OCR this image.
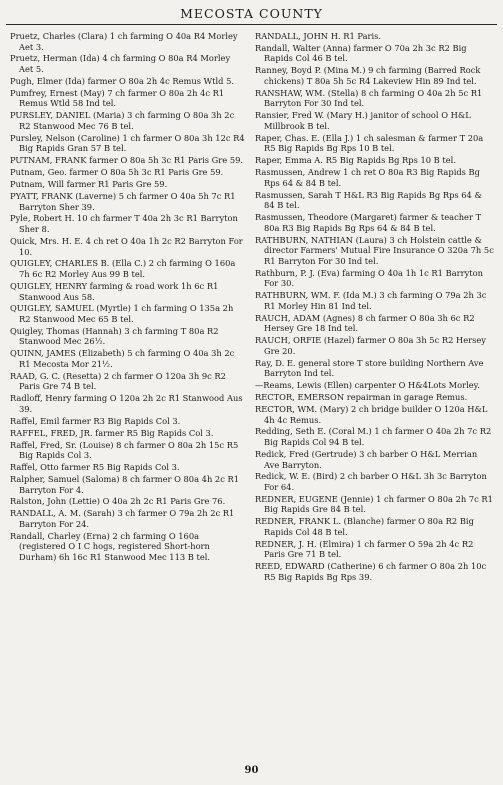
MECOSTA COUNTY

Pruetz, Charles (Clara) 1 ch farming O 40a R4 Morley Aet 3.

Pruetz, Herman (Ida) 4 ch farming O 80a R4 Morley Aet 5.

Pugh, Elmer (Ida) farmer O 80a 2h 4c Remus Wtld 5.

Pumfrey, Ernest (May) 7 ch farmer O 80a 2h 4c R1 Remus Wtld 58 Ind tel.

PURSLEY, DANIEL (Maria) 3 ch farming O 80a 3h 2c R2 Stanwood Mec 76 B tel.

Pursley, Nelson (Caroline) 1 ch farmer O 80a 3h 12c R4 Big Rapids Gran 57 B tel.

PUTNAM, FRANK farmer O 80a 5h 3c R1 Paris Gre 59.

Putnam, Geo. farmer O 80a 5h 3c R1 Paris Gre 59.

Putnam, Will farmer R1 Paris Gre 59.

PYATT, FRANK (Laverne) 5 ch farmer O 40a 5h 7c R1 Barryton Sher 39.

Pyle, Robert H. 10 ch farmer T 40a 2h 3c R1 Barryton Sher 8.

Quick, Mrs. H. E. 4 ch ret O 40a 1h 2c R2 Barryton For 10.

QUIGLEY, CHARLES B. (Ella C.) 2 ch farming O 160a 7h 6c R2 Morley Aus 99 B tel.

QUIGLEY, HENRY farming & road work 1h 6c R1 Stanwood Aus 58.

QUIGLEY, SAMUEL (Myrtle) 1 ch farming O 135a 2h R2 Stanwood Mec 65 B tel.

Quigley, Thomas (Hannah) 3 ch farming T 80a R2 Stanwood Mec 26½.

QUINN, JAMES (Elizabeth) 5 ch farming O 40a 3h 2c R1 Mecosta Mor 21½.

RAAD, G. C. (Resetta) 2 ch farmer O 120a 3h 9c R2 Paris Gre 74 B tel.

Radloff, Henry farming O 120a 2h 2c R1 Stanwood Aus 39.

Raffel, Emil farmer R3 Big Rapids Col 3.

RAFFEL, FRED, JR. farmer R5 Big Rapids Col 3.

Raffel, Fred, Sr. (Louise) 8 ch farmer O 80a 2h 15c R5 Big Rapids Col 3.

Raffel, Otto farmer R5 Big Rapids Col 3.

Ralpher, Samuel (Saloma) 8 ch farmer O 80a 4h 2c R1 Barryton For 4.

Ralston, John (Lettie) O 40a 2h 2c R1 Paris Gre 76.

RANDALL, A. M. (Sarah) 3 ch farmer O 79a 2h 2c R1 Barryton For 24.

Randall, Charley (Erna) 2 ch farming O 160a (registered O I C hogs, registered Short-horn Durham) 6h 16c R1 Stanwood Mec 113 B tel.

RANDALL, JOHN H. R1 Paris.

Randall, Walter (Anna) farmer O 70a 2h 3c R2 Big Rapids Col 46 B tel.

Ranney, Boyd P. (Mina M.) 9 ch farming (Barred Rock chickens) T 80a 5h 5c R4 Lakeview Hin 89 Ind tel.

RANSHAW, WM. (Stella) 8 ch farming O 40a 2h 5c R1 Barryton For 30 Ind tel.

Ransier, Fred W. (Mary H.) janitor of school O H&L Millbrook B tel.

Raper, Chas. E. (Ella J.) 1 ch salesman & farmer T 20a R5 Big Rapids Bg Rps 10 B tel.

Raper, Emma A. R5 Big Rapids Bg Rps 10 B tel.

Rasmussen, Andrew 1 ch ret O 80a R3 Big Rapids Bg Rps 64 & 84 B tel.

Rasmussen, Sarah T H&L R3 Big Rapids Bg Rps 64 & 84 B tel.

Rasmussen, Theodore (Margaret) farmer & teacher T 80a R3 Big Rapids Bg Rps 64 & 84 B tel.

RATHBURN, NATHIAN (Laura) 3 ch Holstein cattle & director Farmers' Mutual Fire Insurance O 320a 7h 5c R1 Barryton For 30 Ind tel.

Rathburn, P. J. (Eva) farming O 40a 1h 1c R1 Barryton For 30.

RATHBURN, WM. F. (Ida M.) 3 ch farming O 79a 2h 3c R1 Morley Hin 81 Ind tel.

RAUCH, ADAM (Agnes) 8 ch farmer O 80a 3h 6c R2 Hersey Gre 18 Ind tel.

RAUCH, ORFIE (Hazel) farmer O 80a 3h 5c R2 Hersey Gre 20.

Ray, D. E. general store T store building Northern Ave Barryton Ind tel.

—Reams, Lewis (Ellen) carpenter O H&4Lots Morley.

RECTOR, EMERSON repairman in garage Remus.

RECTOR, WM. (Mary) 2 ch bridge builder O 120a H&L 4h 4c Remus.

Redding, Seth E. (Coral M.) 1 ch farmer O 40a 2h 7c R2 Big Rapids Col 94 B tel.

Redick, Fred (Gertrude) 3 ch barber O H&L Merrian Ave Barryton.

Redick, W. E. (Bird) 2 ch barber O H&L 3h 3c Barryton For 64.

REDNER, EUGENE (Jennie) 1 ch farmer O 80a 2h 7c R1 Big Rapids Gre 84 B tel.

REDNER, FRANK L. (Blanche) farmer O 80a R2 Big Rapids Col 48 B tel.

REDNER, J. H. (Elmira) 1 ch farmer O 59a 2h 4c R2 Paris Gre 71 B tel.

REED, EDWARD (Catherine) 6 ch farmer O 80a 2h 10c R5 Big Rapids Bg Rps 39.

90
